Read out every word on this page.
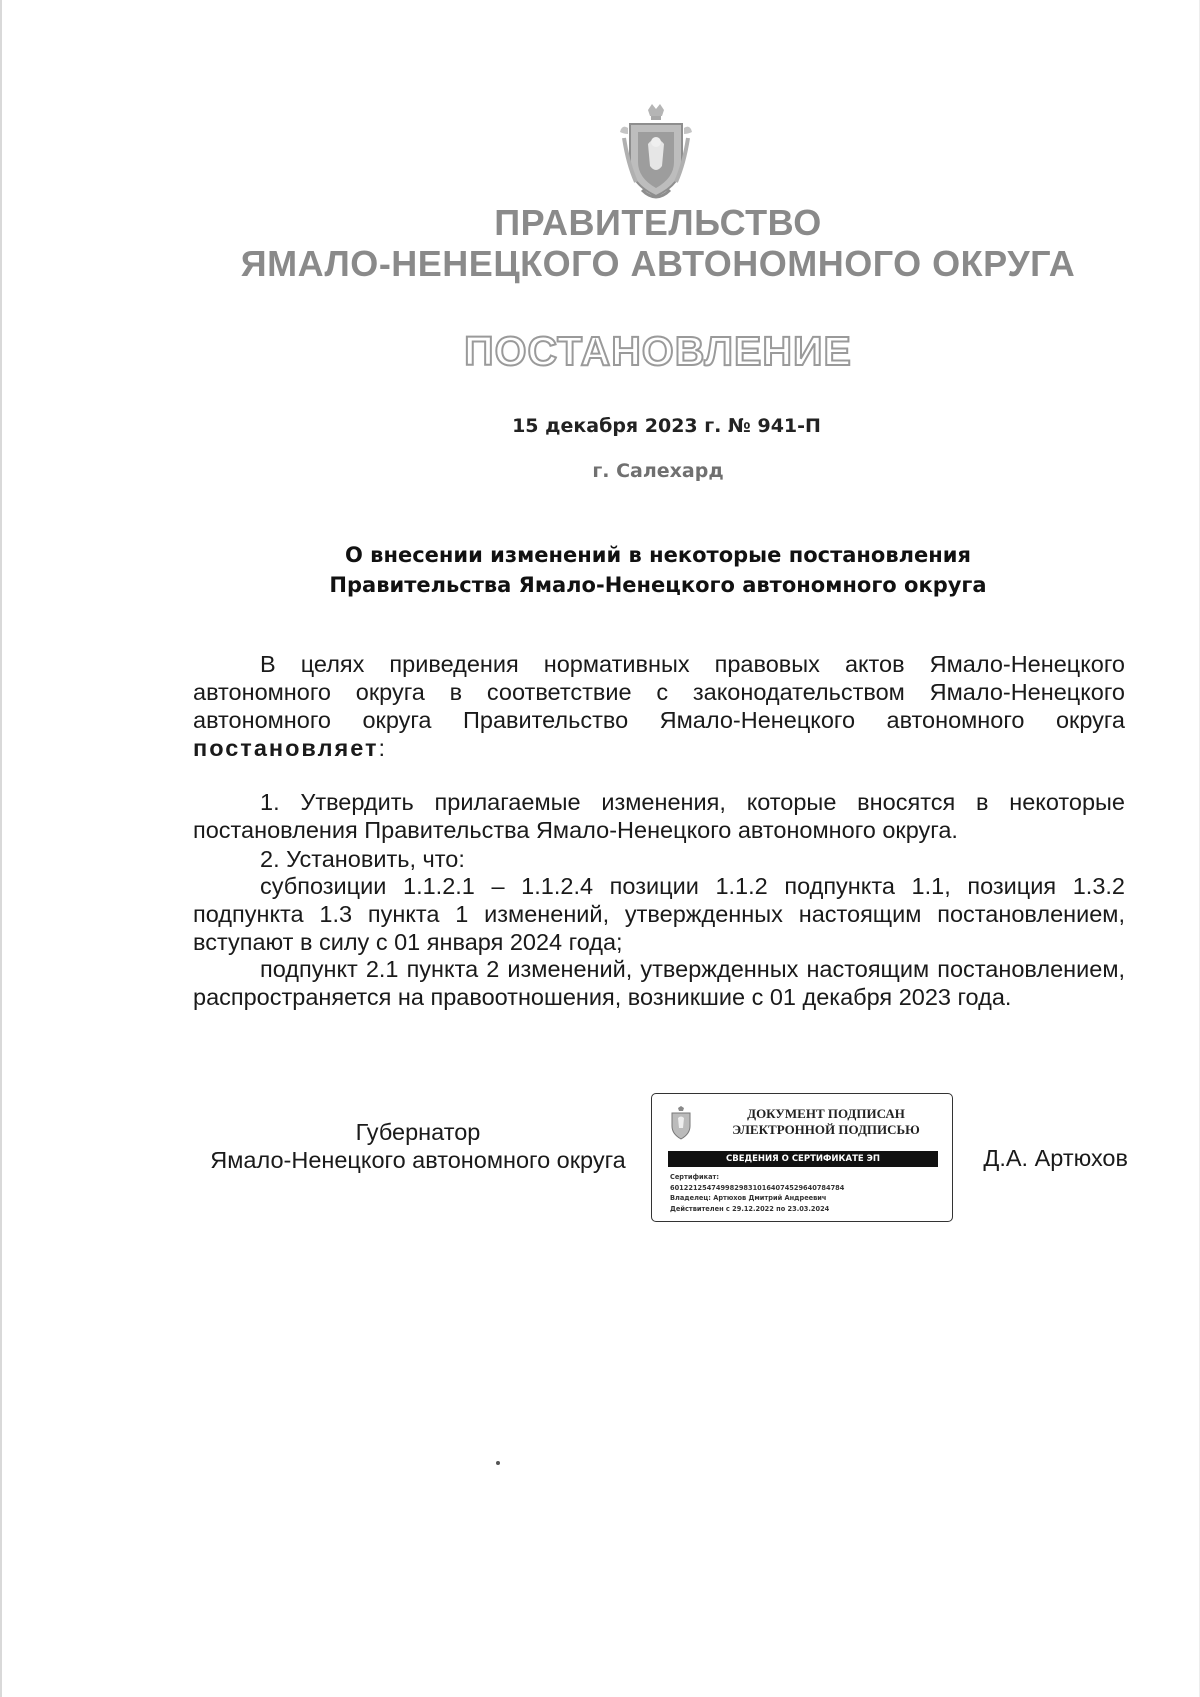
ПРАВИТЕЛЬСТВО
ЯМАЛО-НЕНЕЦКОГО АВТОНОМНОГО ОКРУГА
ПОСТАНОВЛЕНИЕ
15 декабря 2023 г. № 941-П
г. Салехард
О внесении изменений в некоторые постановления
Правительства Ямало-Ненецкого автономного округа
В целях приведения нормативных правовых актов Ямало-Ненецкого автономного округа в соответствие с законодательством Ямало-Ненецкого автономного округа Правительство Ямало-Ненецкого автономного округа постановляет:
1. Утвердить прилагаемые изменения, которые вносятся в некоторые постановления Правительства Ямало-Ненецкого автономного округа.
2. Установить, что:
субпозиции 1.1.2.1 – 1.1.2.4 позиции 1.1.2 подпункта 1.1, позиция 1.3.2 подпункта 1.3 пункта 1 изменений, утвержденных настоящим постановлением, вступают в силу с 01 января 2024 года;
подпункт 2.1 пункта 2 изменений, утвержденных настоящим постановлением, распространяется на правоотношения, возникшие с 01 декабря 2023 года.
Губернатор
Ямало-Ненецкого автономного округа
ДОКУМЕНТ ПОДПИСАН
ЭЛЕКТРОННОЙ ПОДПИСЬЮ
СВЕДЕНИЯ О СЕРТИФИКАТЕ ЭП
Сертификат:
60122125474998298310164074529640784784
Владелец: Артюхов Дмитрий Андреевич
Действителен с 29.12.2022 по 23.03.2024
Д.А. Артюхов
